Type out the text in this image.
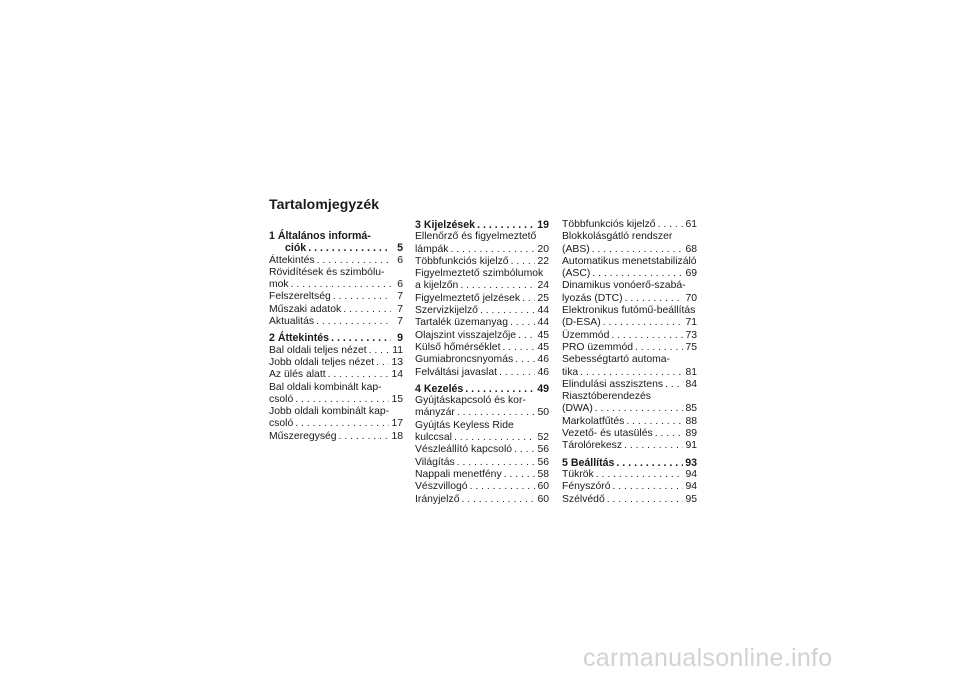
Tartalomjegyzék
1 Általános informá-
ciók . . .	5
Áttekintés . . .	6
Rövidítések és szimbólu-
mok . . .	6
Felszereltség . . .	7
Műszaki adatok . . .	7
Aktualitás . . .	7
2 Áttekintés . . .	9
Bal oldali teljes nézet . . . 11
Jobb oldali teljes nézet . . . 13
Az ülés alatt . . .	14
Bal oldali kombinált kap-
csoló . . .	15
Jobb oldali kombinált kap-
csoló . . .	17
Műszeregység . . .	18
3 Kijelzések . . .	19
Ellenőrző és figyelmeztető
lámpák . . .	20
Többfunkciós kijelző . . .	22
Figyelmeztető szimbólumok
a kijelzőn . . .	24
Figyelmeztető jelzések . . . 25
Szervizkijelző . . .	44
Tartalék üzemanyag . . .	44
Olajszint visszajelzője . . . 45
Külső hőmérséklet . . .	45
Gumiabroncsnyomás . . . 46
Felváltási javaslat . . .	46
4 Kezelés . . .	49
Gyújtáskapcsoló és kor-
mányzár . . .	50
Gyújtás Keyless Ride
kulccsal . . .	52
Vészleállító kapcsoló . . . 56
Világítás . . .	56
Nappali menetfény . . .	58
Vészvillogó . . .	60
Irányjelző . . .	60
Többfunkciós kijelző . . .	61
Blokkolásgátló rendszer
(ABS) . . .	68
Automatikus menetstabilizáló
(ASC) . . .	69
Dinamikus vonóerő-szabá-
lyozás (DTC) . . .	70
Elektronikus futómű-beállítás
(D-ESA) . . .	71
Üzemmód . . .	73
PRO üzemmód . . .	75
Sebességtartó automa-
tika . . .	81
Elindulási asszisztens . . . 84
Riasztóberendezés
(DWA) . . .	85
Markolatfűtés . . .	88
Vezető- és utasülés . . .	89
Tárolórekesz . . .	91
5 Beállítás . . .	93
Tükrök . . .	94
Fényszóró . . .	94
Szélvédő . . .	95
carmanualsonline.info
